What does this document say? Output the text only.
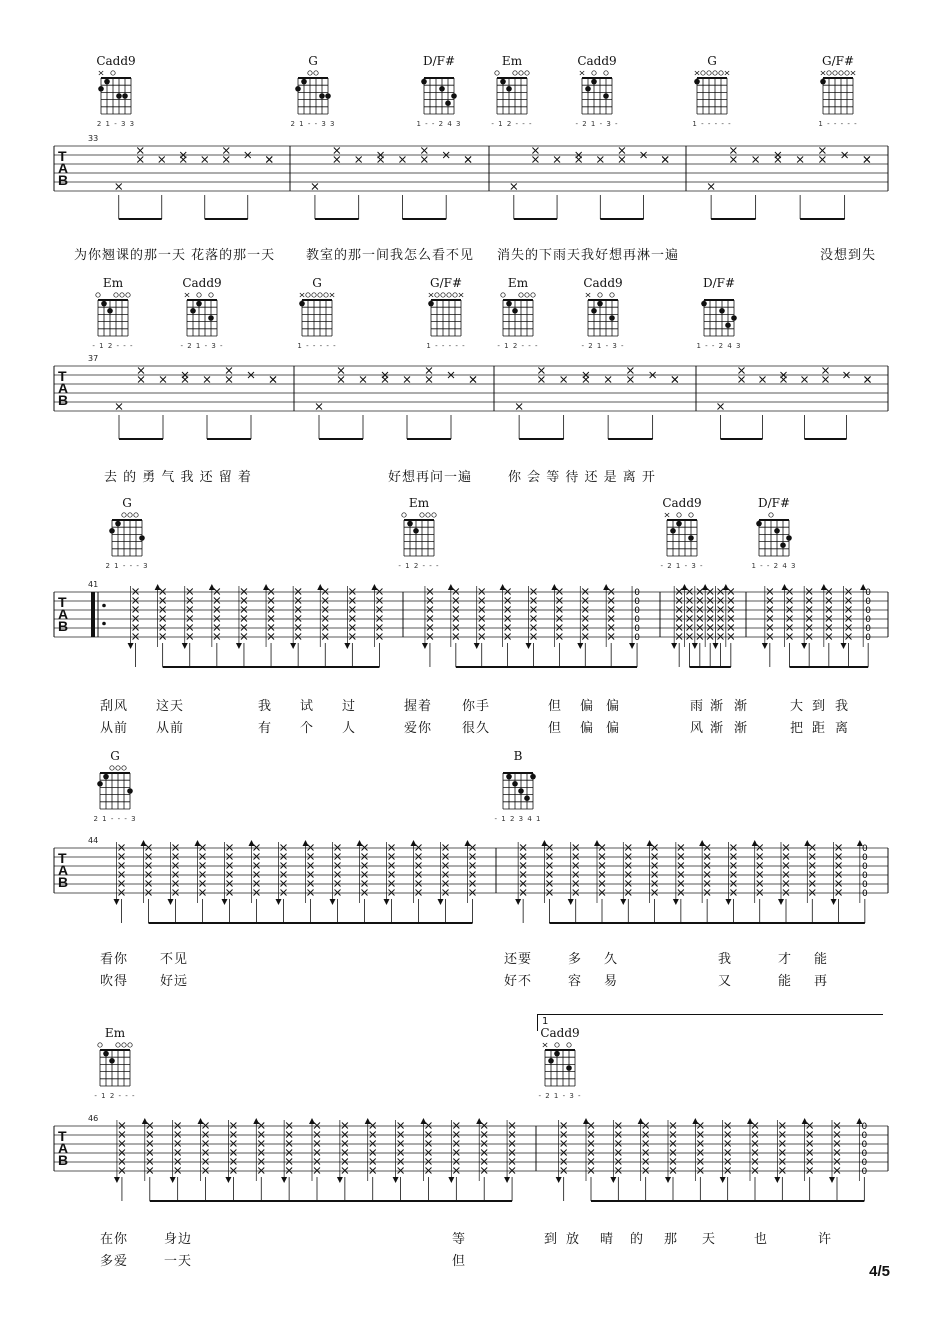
4/5
Cadd9
2 1 - 3 3
G
2 1 - - 3 3
D/F#
1 - - 2 4 3
Em
- 1 2 - - -
Cadd9
- 2 1 - 3 -
G
1 - - - - -
G/F#
1 - - - - -
33
T
A
B
为你翘课的那一天 花落的那一天 教室的那一间我怎么看不见 消失的下雨天我好想再淋一遍	没想到失
Em
- 1 2 - - -
Cadd9
- 2 1 - 3 -
G
1 - - - - -
G/F#
1 - - - - -
Em
- 1 2 - - -
Cadd9
- 2 1 - 3 -
D/F#
1 - - 2 4 3
37
T
A
B
去 的 勇 气 我 还 留 着	好想再问一遍	你 会 等 待 还 是 离 开
0
0
0
0
0
0
0
0
0
0
0
0
G
2 1 - - - 3
Em
- 1 2 - - -
Cadd9
- 2 1 - 3 -
D/F#
1 - - 2 4 3
41
T
A
B
刮风 这天	我 试 过	握着 你手	但 偏 偏	雨 渐 渐	大 到 我
从前 从前	有 个 人	爱你 很久	但 偏 偏	风 渐 渐	把 距 离
0
0
0
0
0
0
G
2 1 - - - 3
B
- 1 2 3 4 1
44
T
A
B
看你 不见	还要	多 久	我	才 能
吹得 好远	好不	容 易	又	能 再
0
0
0
0
0
0
Em
- 1 2 - - -
Cadd9
- 2 1 - 3 -
46
T
A
B
1
在你	身边	等	到 放 晴 的 那 天	也	许
多爱	一天	但
